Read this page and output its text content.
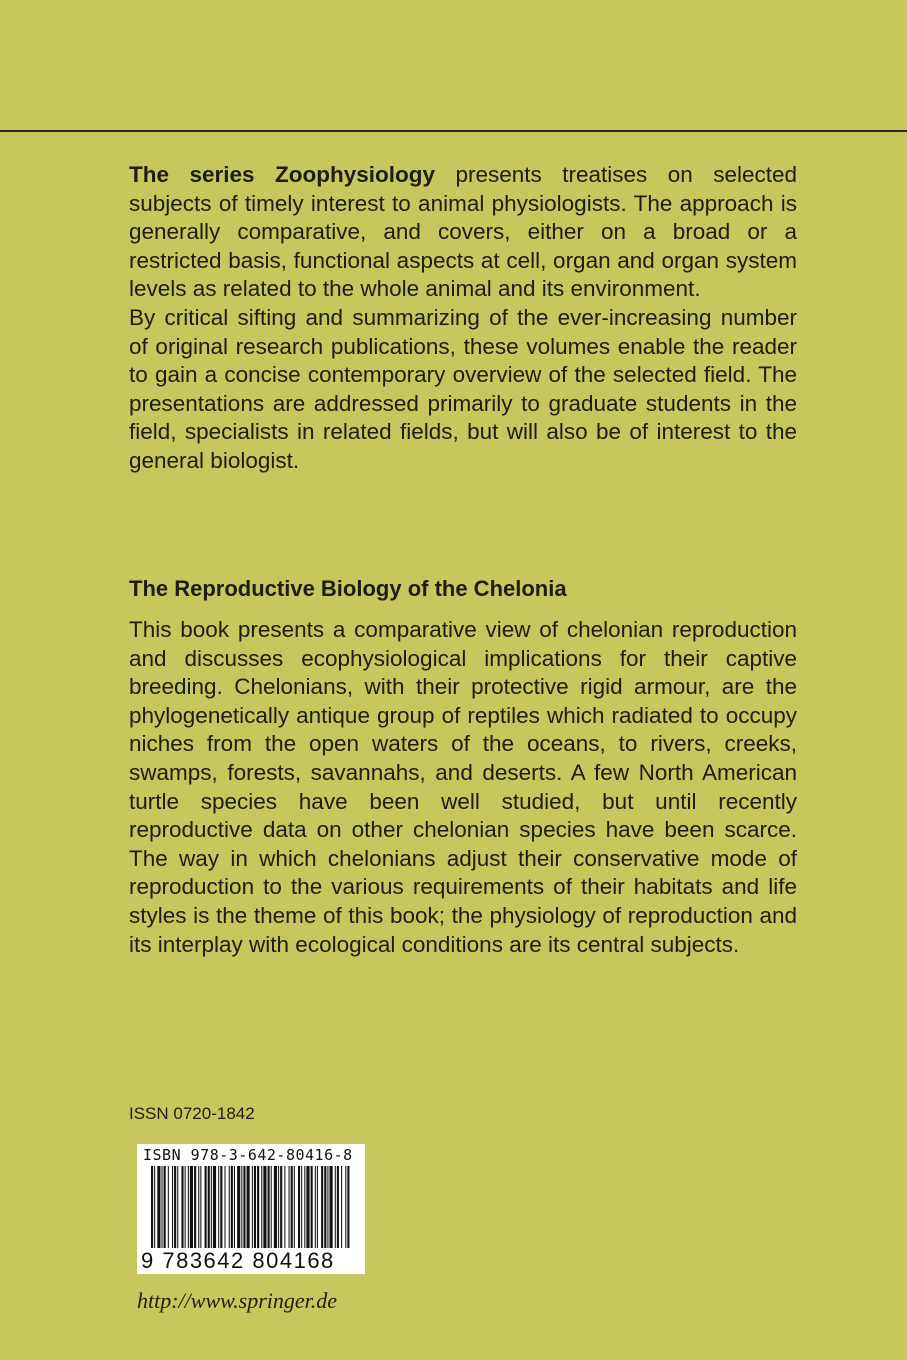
The series Zoophysiology presents treatises on selected subjects of timely interest to animal physiologists. The approach is generally comparative, and covers, either on a broad or a restricted basis, functional aspects at cell, organ and organ system levels as related to the whole animal and its environment.

By critical sifting and summarizing of the ever-increasing number of original research publications, these volumes enable the reader to gain a concise contemporary overview of the selected field. The presentations are addressed primarily to graduate students in the field, specialists in related fields, but will also be of interest to the general biologist.

The Reproductive Biology of the Chelonia

This book presents a comparative view of chelonian reproduction and discusses ecophysiological implications for their captive breeding. Chelonians, with their protective rigid armour, are the phylogenetically antique group of reptiles which radiated to occupy niches from the open waters of the oceans, to rivers, creeks, swamps, forests, savannahs, and deserts. A few North American turtle species have been well studied, but until recently reproductive data on other chelonian species have been scarce. The way in which chelonians adjust their conservative mode of reproduction to the various requirements of their habitats and life styles is the theme of this book; the physiology of reproduction and its interplay with ecological conditions are its central subjects.

ISSN 0720-1842
ISBN 978-3-642-80416-8
9 783642 804168
http://www.springer.de
